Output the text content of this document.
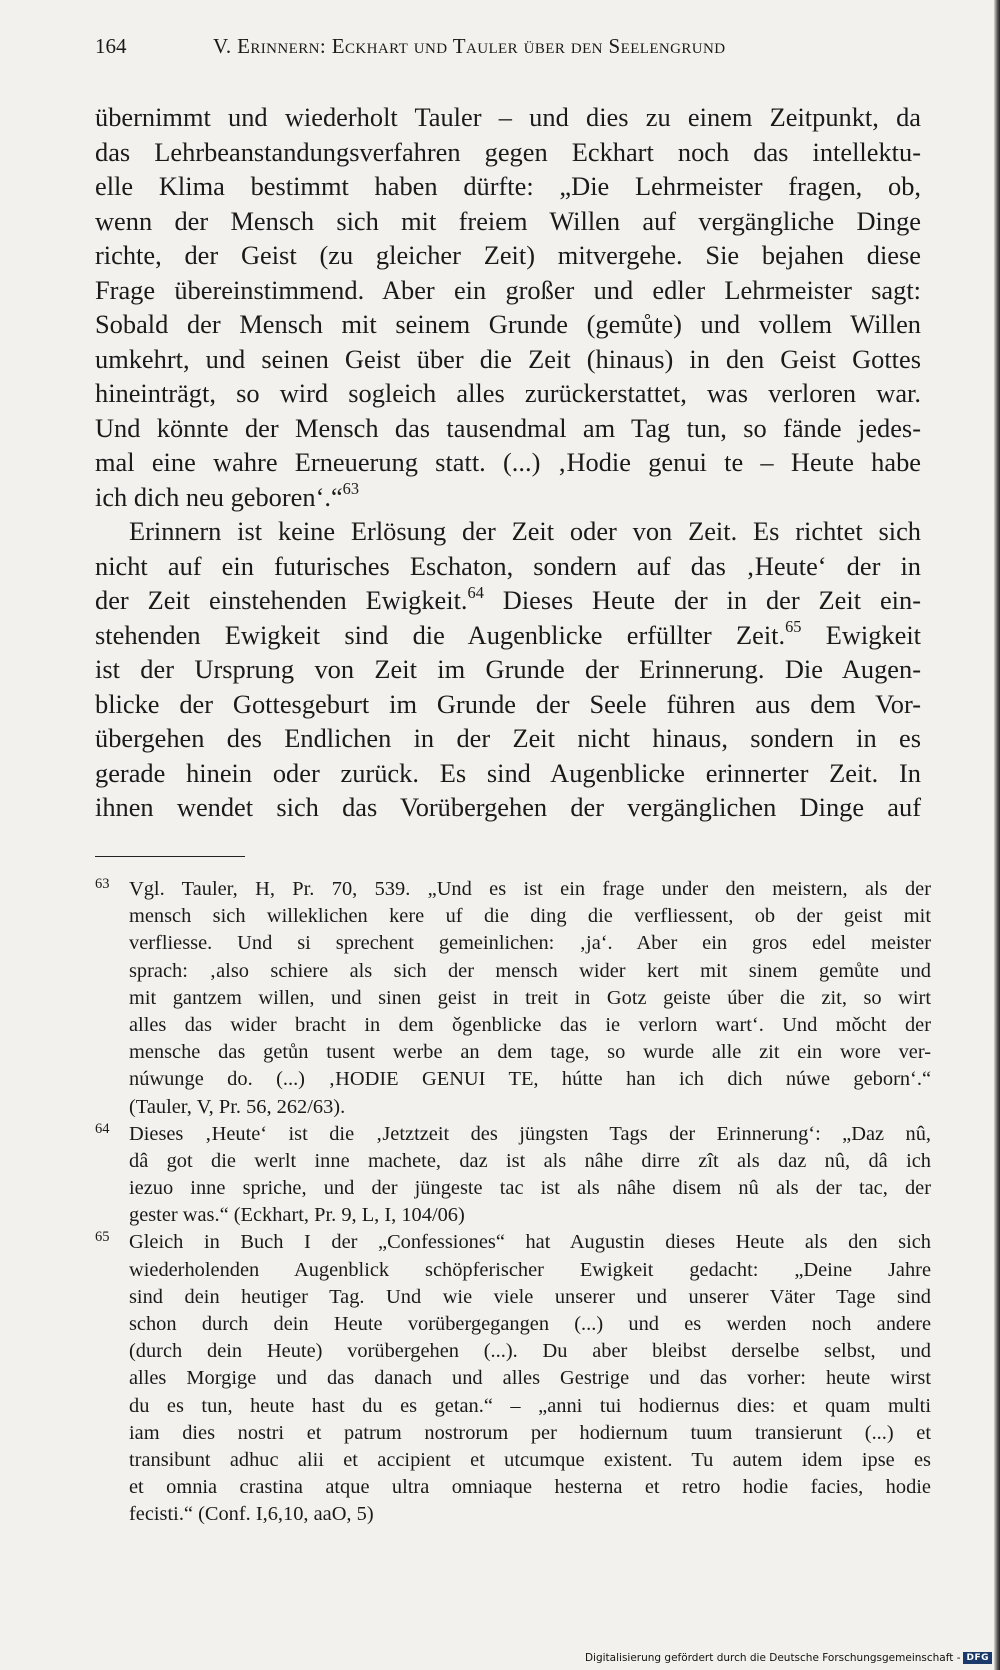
164	V. Erinnern: Eckhart und Tauler über den Seelengrund
übernimmt und wiederholt Tauler – und dies zu einem Zeitpunkt, da
das Lehrbeanstandungsverfahren gegen Eckhart noch das intellektu-
elle Klima bestimmt haben dürfte: „Die Lehrmeister fragen, ob,
wenn der Mensch sich mit freiem Willen auf vergängliche Dinge
richte, der Geist (zu gleicher Zeit) mitvergehe. Sie bejahen diese
Frage übereinstimmend. Aber ein großer und edler Lehrmeister sagt:
Sobald der Mensch mit seinem Grunde (gemůte) und vollem Willen
umkehrt, und seinen Geist über die Zeit (hinaus) in den Geist Gottes
hineinträgt, so wird sogleich alles zurückerstattet, was verloren war.
Und könnte der Mensch das tausendmal am Tag tun, so fände jedes-
mal eine wahre Erneuerung statt. (...) ‚Hodie genui te – Heute habe
ich dich neu geboren‘.“$^{63}$
Erinnern ist keine Erlösung der Zeit oder von Zeit. Es richtet sich
nicht auf ein futurisches Eschaton, sondern auf das ‚Heute‘ der in
der Zeit einstehenden Ewigkeit.$^{64}$ Dieses Heute der in der Zeit ein-
stehenden Ewigkeit sind die Augenblicke erfüllter Zeit.$^{65}$ Ewigkeit
ist der Ursprung von Zeit im Grunde der Erinnerung. Die Augen-
blicke der Gottesgeburt im Grunde der Seele führen aus dem Vor-
übergehen des Endlichen in der Zeit nicht hinaus, sondern in es
gerade hinein oder zurück. Es sind Augenblicke erinnerter Zeit. In
ihnen wendet sich das Vorübergehen der vergänglichen Dinge auf
63 Vgl. Tauler, H, Pr. 70, 539. „Und es ist ein frage under den meistern, als der
mensch sich willeklichen kere uf die ding die verfliessent, ob der geist mit
verfliesse. Und si sprechent gemeinlichen: ‚ja‘. Aber ein gros edel meister
sprach: ‚also schiere als sich der mensch wider kert mit sinem gemůte und
mit gantzem willen, und sinen geist in treit in Gotz geiste úber die zit, so wirt
alles das wider bracht in dem ǒgenblicke das ie verlorn wart‘. Und mǒcht der
mensche das getůn tusent werbe an dem tage, so wurde alle zit ein wore ver-
núwunge do. (...) ‚HODIE GENUI TE, hútte han ich dich núwe geborn‘.“
(Tauler, V, Pr. 56, 262/63).
64 Dieses ‚Heute‘ ist die ‚Jetztzeit des jüngsten Tags der Erinnerung‘: „Daz nû,
dâ got die werlt inne machete, daz ist als nâhe dirre zît als daz nû, dâ ich
iezuo inne spriche, und der jüngeste tac ist als nâhe disem nû als der tac, der
gester was.“ (Eckhart, Pr. 9, L, I, 104/06)
65 Gleich in Buch I der „Confessiones“ hat Augustin dieses Heute als den sich
wiederholenden Augenblick schöpferischer Ewigkeit gedacht: „Deine Jahre
sind dein heutiger Tag. Und wie viele unserer und unserer Väter Tage sind
schon durch dein Heute vorübergegangen (...) und es werden noch andere
(durch dein Heute) vorübergehen (...). Du aber bleibst derselbe selbst, und
alles Morgige und das danach und alles Gestrige und das vorher: heute wirst
du es tun, heute hast du es getan.“ – „anni tui hodiernus dies: et quam multi
iam dies nostri et patrum nostrorum per hodiernum tuum transierunt (...) et
transibunt adhuc alii et accipient et utcumque existent. Tu autem idem ipse es
et omnia crastina atque ultra omniaque hesterna et retro hodie facies, hodie
fecisti.“ (Conf. I,6,10, aaO, 5)
Digitalisierung gefördert durch die Deutsche Forschungsgemeinschaft - DFG
